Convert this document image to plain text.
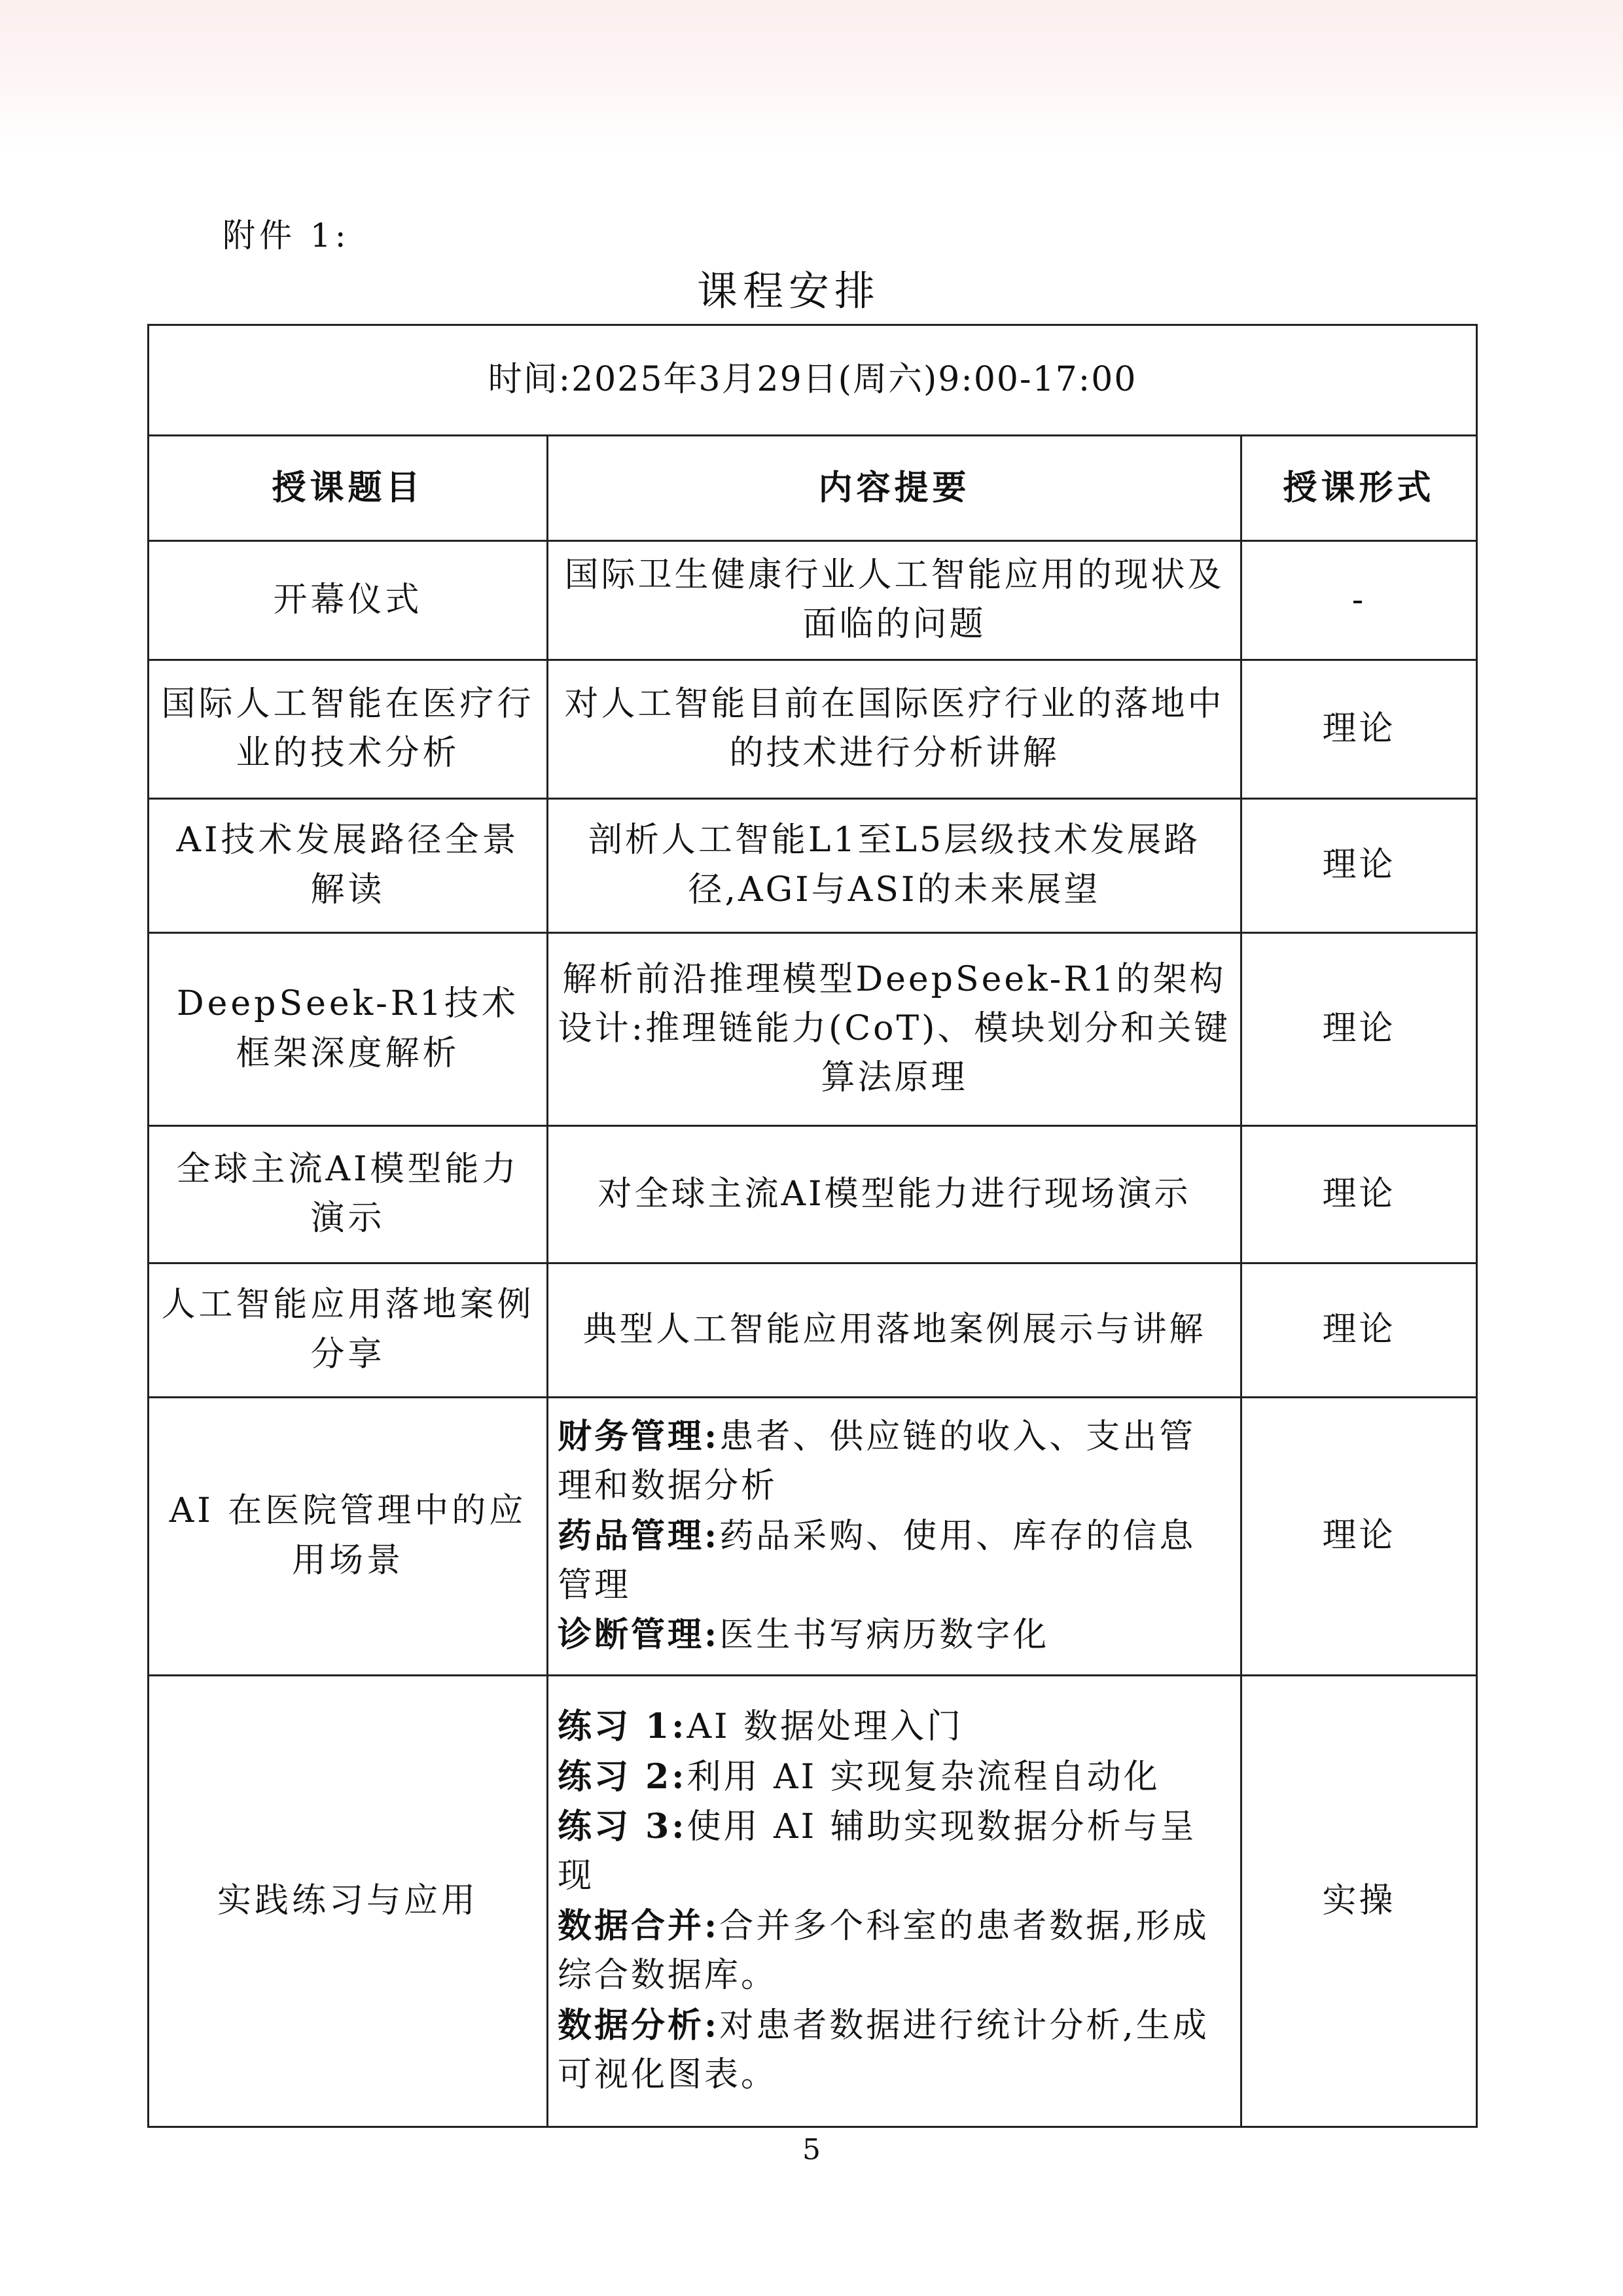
附件 1:
课程安排
时间:2025年3月29日(周六)9:00-17:00		
授课题目	内容提要	授课形式
开幕仪式	国际卫生健康行业人工智能应用的现状及面临的问题	-
国际人工智能在医疗行业的技术分析	对人工智能目前在国际医疗行业的落地中的技术进行分析讲解	理论
AI技术发展路径全景解读	剖析人工智能L1至L5层级技术发展路径,AGI与ASI的未来展望	理论
DeepSeek-R1技术框架深度解析	解析前沿推理模型DeepSeek-R1的架构设计:推理链能力(CoT)、模块划分和关键算法原理	理论
全球主流AI模型能力演示	对全球主流AI模型能力进行现场演示	理论
人工智能应用落地案例分享	典型人工智能应用落地案例展示与讲解	理论
AI 在医院管理中的应用场景	财务管理:患者、供应链的收入、支出管理和数据分析
药品管理:药品采购、使用、库存的信息管理
诊断管理:医生书写病历数字化	理论
实践练习与应用	练习 1:AI 数据处理入门
练习 2:利用 AI 实现复杂流程自动化
练习 3:使用 AI 辅助实现数据分析与呈现
数据合并:合并多个科室的患者数据,形成综合数据库。
数据分析:对患者数据进行统计分析,生成可视化图表。	实操
5
